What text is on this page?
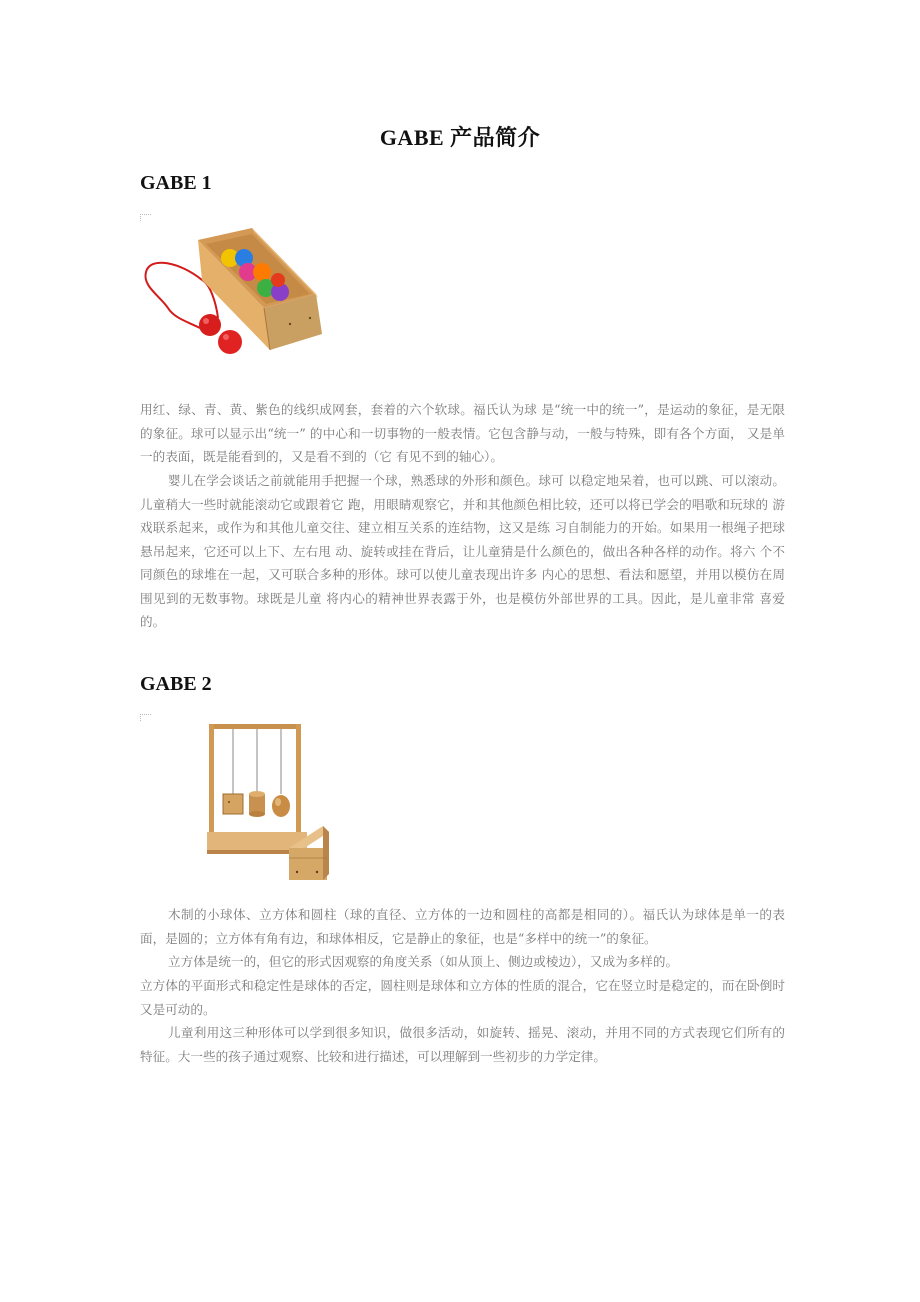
GABE 产品简介
GABE 1
用红、绿、青、黄、紫色的线织成网套，套着的六个软球。福氏认为球 是“统一中的统一”，是运动的象征，是无限的象征。球可以显示出“统一” 的中心和一切事物的一般表情。它包含静与动，一般与特殊，即有各个方面， 又是单一的表面，既是能看到的，又是看不到的（它 有见不到的轴心）。
婴儿在学会谈话之前就能用手把握一个球，熟悉球的外形和颜色。球可 以稳定地呆着，也可以跳、可以滚动。儿童稍大一些时就能滚动它或跟着它 跑，用眼睛观察它，并和其他颜色相比较，还可以将已学会的唱歌和玩球的 游戏联系起来，或作为和其他儿童交往、建立相互关系的连结物，这又是练 习自制能力的开始。如果用一根绳子把球悬吊起来，它还可以上下、左右甩 动、旋转或挂在背后，让儿童猜是什么颜色的，做出各种各样的动作。将六 个不同颜色的球堆在一起，又可联合多种的形体。球可以使儿童表现出许多 内心的思想、看法和愿望，并用以模仿在周围见到的无数事物。球既是儿童 将内心的精神世界表露于外，也是模仿外部世界的工具。因此，是儿童非常 喜爱的。
GABE 2
木制的小球体、立方体和圆柱（球的直径、立方体的一边和圆柱的高都是相同的）。福氏认为球体是单一的表面，是圆的；立方体有角有边，和球体相反，它是静止的象征，也是“多样中的统一”的象征。
立方体是统一的，但它的形式因观察的角度关系（如从顶上、侧边或棱边），又成为多样的。
立方体的平面形式和稳定性是球体的否定，圆柱则是球体和立方体的性质的混合，它在竖立时是稳定的，而在卧倒时又是可动的。
儿童利用这三种形体可以学到很多知识，做很多活动，如旋转、摇晃、滚动，并用不同的方式表现它们所有的特征。大一些的孩子通过观察、比较和进行描述，可以理解到一些初步的力学定律。
